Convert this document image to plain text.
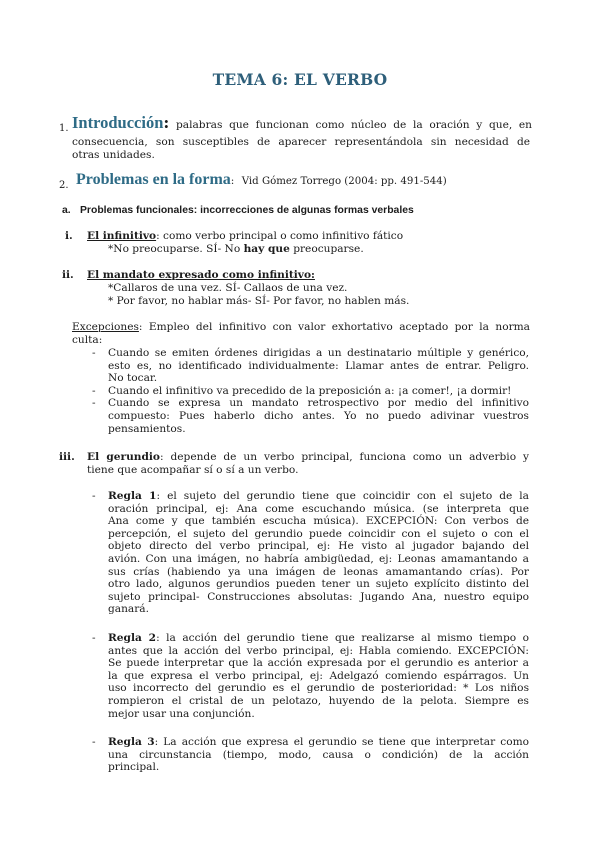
TEMA 6: EL VERBO
1. Introducción: palabras que funcionan como núcleo de la oración y que, en

consecuencia, son susceptibles de aparecer representándola sin necesidad de
otras unidades.
2. Problemas en la forma: Vid Gómez Torrego (2004: pp. 491-544)
a. Problemas funcionales: incorrecciones de algunas formas verbales
i. El infinitivo: como verbo principal o como infinitivo fático
*No preocuparse. SÍ- No hay que preocuparse.
ii. El mandato expresado como infinitivo:
*Callaros de una vez. SÍ- Callaos de una vez.
* Por favor, no hablar más- SÍ- Por favor, no hablen más.
Excepciones: Empleo del infinitivo con valor exhortativo aceptado por la norma
culta:
- Cuando se emiten órdenes dirigidas a un destinatario múltiple y genérico,

esto es, no identificado individualmente: Llamar antes de entrar. Peligro.

No tocar.

- Cuando el infinitivo va precedido de la preposición a: ¡a comer!, ¡a dormir!

- Cuando se expresa un mandato retrospectivo por medio del infinitivo

compuesto: Pues haberlo dicho antes. Yo no puedo adivinar vuestros

pensamientos.

iii. El gerundio: depende de un verbo principal, funciona como un adverbio y
tiene que acompañar sí o sí a un verbo.
- Regla 1: el sujeto del gerundio tiene que coincidir con el sujeto de la

oración principal, ej: Ana come escuchando música. (se interpreta que

Ana come y que también escucha música). EXCEPCIÓN: Con verbos de

percepción, el sujeto del gerundio puede coincidir con el sujeto o con el

objeto directo del verbo principal, ej: He visto al jugador bajando del

avión. Con una imágen, no habría ambigüedad, ej: Leonas amamantando a

sus crías (habiendo ya una imágen de leonas amamantando crías). Por

otro lado, algunos gerundios pueden tener un sujeto explícito distinto del

sujeto principal- Construcciones absolutas: Jugando Ana, nuestro equipo

ganará.

- Regla 2: la acción del gerundio tiene que realizarse al mismo tiempo o

antes que la acción del verbo principal, ej: Habla comiendo. EXCEPCIÓN:

Se puede interpretar que la acción expresada por el gerundio es anterior a

la que expresa el verbo principal, ej: Adelgazó comiendo espárragos. Un

uso incorrecto del gerundio es el gerundio de posterioridad: * Los niños

rompieron el cristal de un pelotazo, huyendo de la pelota. Siempre es

mejor usar una conjunción.

- Regla 3: La acción que expresa el gerundio se tiene que interpretar como

una circunstancia (tiempo, modo, causa o condición) de la acción

principal.
